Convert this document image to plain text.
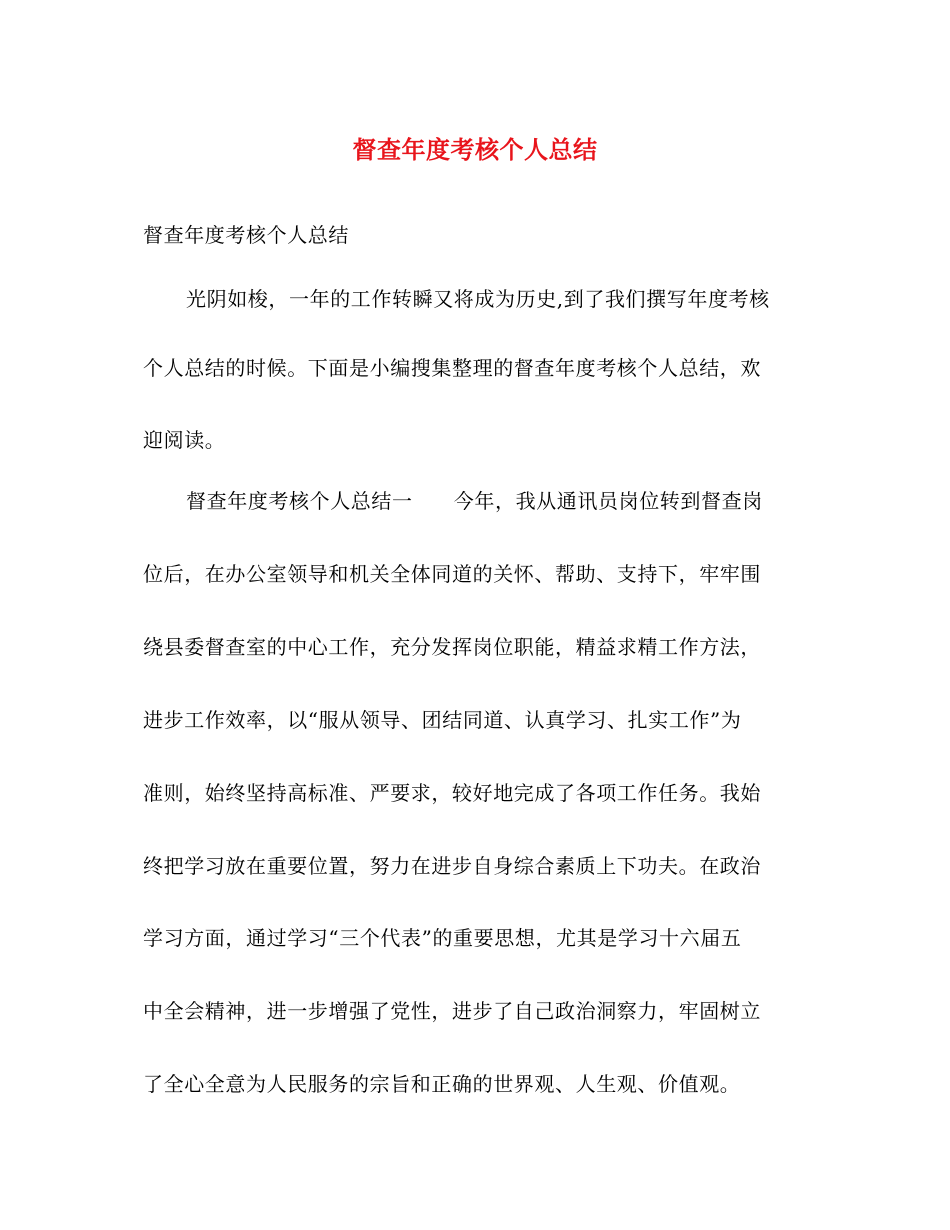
督查年度考核个人总结
督查年度考核个人总结
光阴如梭，一年的工作转瞬又将成为历史,到了我们撰写年度考核
个人总结的时候。下面是小编搜集整理的督查年度考核个人总结，欢
迎阅读。
督查年度考核个人总结一　　今年，我从通讯员岗位转到督查岗
位后，在办公室领导和机关全体同道的关怀、帮助、支持下，牢牢围
绕县委督查室的中心工作，充分发挥岗位职能，精益求精工作方法，
进步工作效率，以“服从领导、团结同道、认真学习、扎实工作”为
准则，始终坚持高标准、严要求，较好地完成了各项工作任务。我始
终把学习放在重要位置，努力在进步自身综合素质上下功夫。在政治
学习方面，通过学习“三个代表”的重要思想，尤其是学习十六届五
中全会精神，进一步增强了党性，进步了自己政治洞察力，牢固树立
了全心全意为人民服务的宗旨和正确的世界观、人生观、价值观。
